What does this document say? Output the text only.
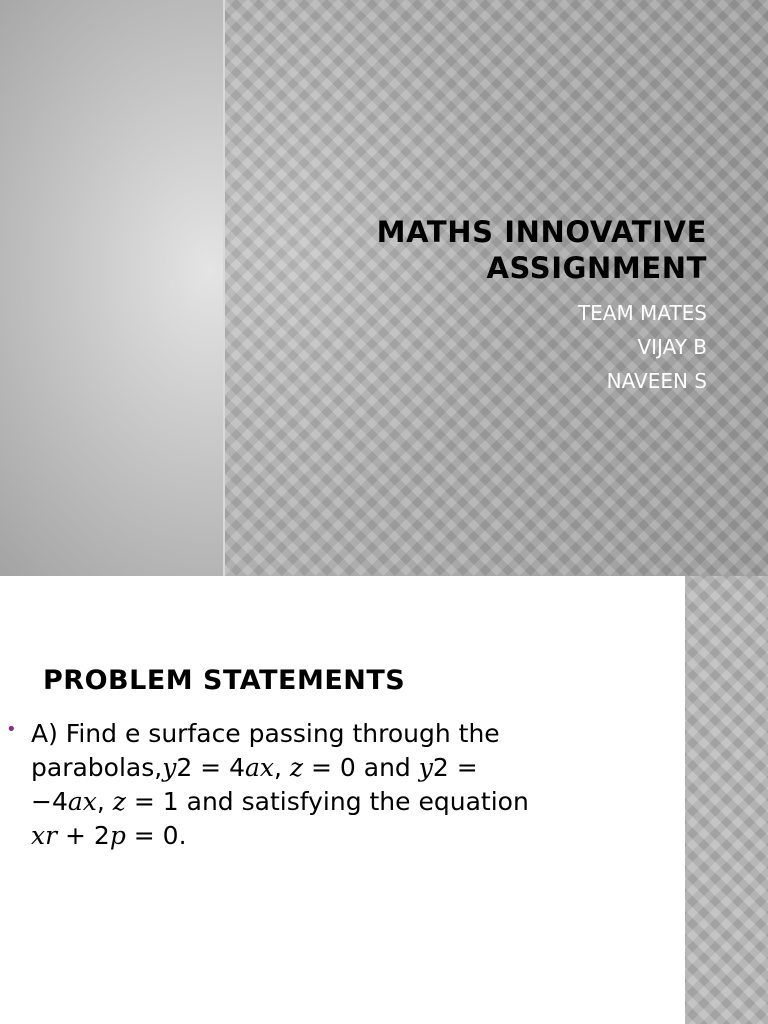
MATHS INNOVATIVE
ASSIGNMENT
TEAM MATES
VIJAY B
NAVEEN S
PROBLEM STATEMENTS
• A) Find e surface passing through the
parabolas,y2 = 4ax, z = 0 and y2 =
−4ax, z = 1 and satisfying the equation
xr + 2p = 0.
